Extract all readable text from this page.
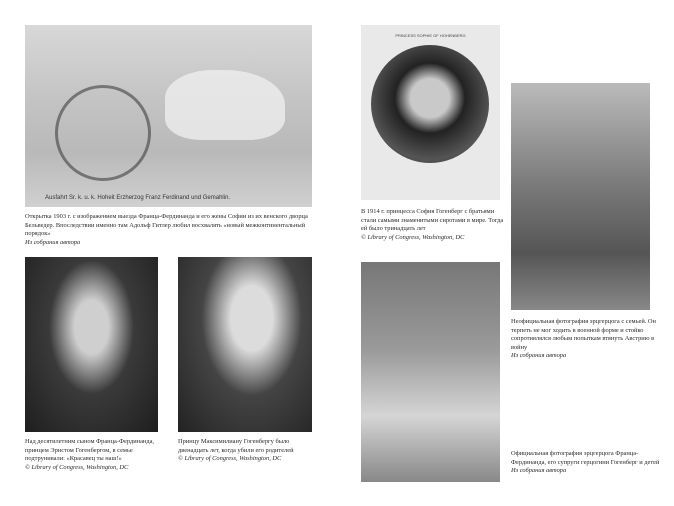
Ausfahrt Sr. k. u. k. Hoheit Erzherzog Franz Ferdinand und Gemahlin.
Открытка 1903 г. с изображением выезда Франца-Фердинанда и его жены Софии из их венского дворца Бельведер. Впоследствии именно там Адольф Гитлер любил восхвалять «новый межконтинентальный порядок»
Из собрания автора
PRINCESS SOPHIE OF HOHENBERG
В 1914 г. принцесса София Гогенберг с братьями стали самыми знаменитыми сиротами в мире. Тогда ей было тринадцать лет
© Library of Congress, Washington, DC
Неофициальная фотография эрцгерцога с семьей. Он терпеть не мог ходить в военной форме и стойко сопротивлялся любым попыткам втянуть Австрию в войну
Из собрания автора
Над десятилетним сыном Франца-Фердинанда, принцем Эрнстом Гогенбергом, в семье подтрунивали: «Красавец ты наш!»
© Library of Congress, Washington, DC
Принцу Максимилиану Гогенбергу было двенадцать лет, когда убили его родителей
© Library of Congress, Washington, DC
Официальная фотография эрцгерцога Франца-Фердинанда, его супруги герцогини Гогенберг и детей
Из собрания автора
